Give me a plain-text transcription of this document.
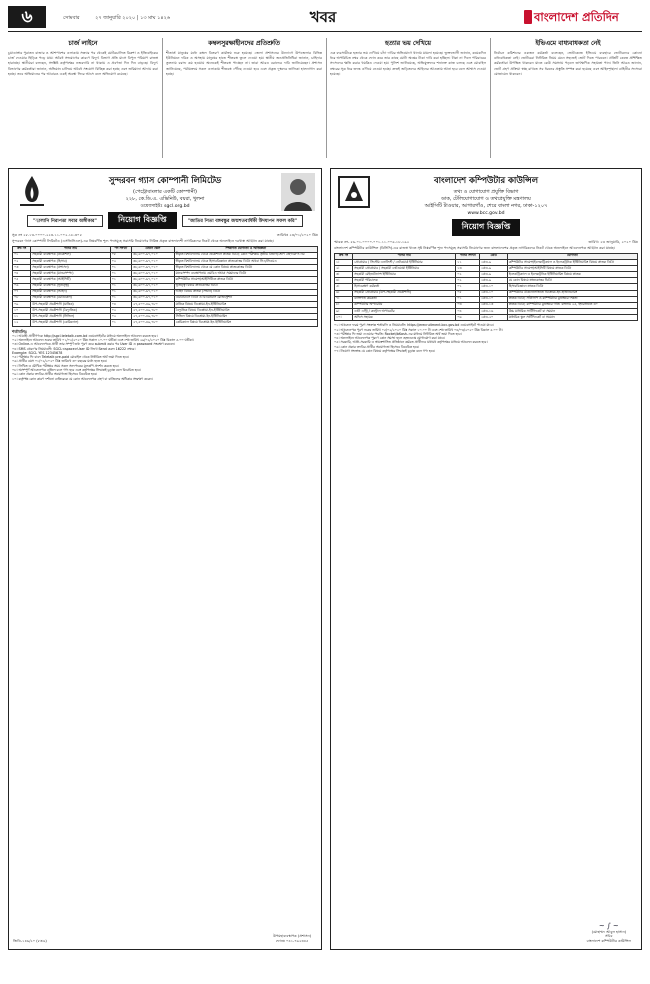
৬	সোমবার	২৭ জানুয়ারি ২০২০ | ১৩ মাঘ ১৪২৬	খবর	বাংলাদেশ প্রতিদিন
চার্জ লাইনে

চুয়াডাঙ্গার পুরাতন বাজার ও আশপাশের এলাকায় সন্ধ্যার পর থেকেই মোটরচালিত রিকশা ও ইজিবাইকের চার্জ দেওয়ার হিড়িক পড়ে যায়। অবৈধ সংযোগের কারণে বিদ্যুৎ বিভাগ প্রতি মাসে বিপুল পরিমাণ রাজস্ব হারাচ্ছে। স্থানীয়রা বলছেন, সংশ্লিষ্ট কর্তৃপক্ষের নজরদারি না থাকায় এ প্রবণতা দিন দিন বাড়ছে। বিদ্যুৎ বিভাগের কর্মকর্তারা জানান, অভিযান চালিয়ে অবৈধ সংযোগ বিচ্ছিন্ন করা হচ্ছে এবং জরিমানা আদায় করা হচ্ছে। তবে অভিযানের পর আবারও একই অবস্থা ফিরে আসে বলে অভিযোগ রয়েছে।

কম্বলসুরক্ষাহীনদের প্রতিশ্রুতি

শীতার্ত মানুষের মধ্যে কম্বল বিতরণ কার্যক্রম শুরু হয়েছে। জেলা প্রশাসনের উদ্যোগে উপজেলার বিভিন্ন ইউনিয়নে দরিদ্র ও অসহায় মানুষের হাতে শীতবস্ত্র তুলে দেওয়া হয়। স্থানীয় জনপ্রতিনিধিরা জানান, চাহিদার তুলনায় বরাদ্দ কম হওয়ায় অনেকেই শীতবস্ত্র পাচ্ছেন না। তারা আরও বরাদ্দের দাবি জানিয়েছেন। প্রশাসন জানিয়েছে, পর্যায়ক্রমে সকল এলাকায় শীতবস্ত্র পৌঁছে দেওয়া হবে এবং প্রকৃত দুস্থদের তালিকা হালনাগাদ করা হচ্ছে।

হত্যার ভয় দেখিয়ে

এক ব্যবসায়ীকে হত্যার ভয় দেখিয়ে চাঁদা দাবির অভিযোগে থানায় মামলা হয়েছে। ভুক্তভোগী জানান, কয়েকদিন ধরে অপরিচিত নম্বর থেকে ফোন করে তার কাছে মোটা অঙ্কের টাকা দাবি করা হচ্ছিল। টাকা না দিলে পরিবারের সদস্যদের ক্ষতি করার হুমকিও দেওয়া হয়। পুলিশ জানিয়েছে, অভিযুক্তদের শনাক্তে কাজ চলছে এবং মোবাইল নম্বরের সূত্র ধরে তদন্ত এগিয়ে নেওয়া হচ্ছে। দ্রুতই জড়িতদের আইনের আওতায় আনা হবে বলে আশ্বাস দেওয়া হয়েছে।

ইভিএমে বাধ্যবাধকতা নেই

নির্বাচন কমিশনের একজন কর্মকর্তা বলেছেন, ভোটকেন্দ্রে ইভিএম ব্যবহারে ভোটারদের কোনো বাধ্যবাধকতা নেই। ভোটাররা নির্ধারিত নিয়ম মেনে সহজেই ভোট দিতে পারবেন। প্রতিটি কেন্দ্রে প্রশিক্ষিত কর্মকর্তারা উপস্থিত থাকবেন যাতে কেউ সমস্যায় পড়লে তাৎক্ষণিক সহায়তা পান। তিনি আরও জানান, ভোট গ্রহণ প্রক্রিয়া স্বচ্ছ রাখতে সব ধরনের প্রস্তুতি সম্পন্ন করা হয়েছে এবং আইনশৃঙ্খলা বাহিনীর সদস্যরা মোতায়েন থাকবেন।

সুন্দরবন গ্যাস কোম্পানী লিমিটেড
(পেট্রোবাংলার একটি কোম্পানী)
২২৮, কে.ডি.এ. এভিনিউ, বয়রা, খুলনা
ওয়েবসাইটঃ sgcl.org.bd
"জ্বালানি নিরাপত্তা সবার অঙ্গীকার"	নিয়োগ বিজ্ঞপ্তি	"জাতির পিতা বঙ্গবন্ধুর জন্মশতবার্ষিকী উদযাপন সফল করি"
সূত্র নং ২৮.১৩.০০০০.২২৩.১১.০০২.১৮-৩০৫	তারিখঃ ২৩/০১/২০২০ খ্রিঃ
সুন্দরবন গ্যাস কোম্পানী লিমিটেড (এসজিসিএল)-এর নিম্নবর্ণিত শূন্য পদসমূহে সরাসরি নিয়োগের নিমিত্ত প্রকৃত বাংলাদেশী নাগরিকদের নিকট থেকে অনলাইনে দরখাস্ত আহ্বান করা যাচ্ছে।
ক্রঃ নং	পদের নাম	পদ সংখ্যা	বেতন স্কেল	শিক্ষাগত যোগ্যতা ও অভিজ্ঞতা
০১	সহকারী ব্যবস্থাপক (প্রকৌশল)	০৮	৩৮,৬০০-৬৭,০১০	স্বীকৃত বিশ্ববিদ্যালয় থেকে প্রকৌশলে স্নাতক ডিগ্রি; কোন পরীক্ষায় তৃতীয় বিভাগ/শ্রেণি গ্রহণযোগ্য নয়
০২	সহকারী ব্যবস্থাপক (হিসাব)	০২	৩৮,৬০০-৬৭,০১০	স্বীকৃত বিশ্ববিদ্যালয় থেকে হিসাববিজ্ঞানে স্নাতকোত্তর ডিগ্রি অথবা সিএ/সিএমএ
০৩	সহকারী ব্যবস্থাপক (প্রশাসন)	০১	৩৮,৬০০-৬৭,০১০	স্বীকৃত বিশ্ববিদ্যালয় থেকে যে কোন বিষয়ে স্নাতকোত্তর ডিগ্রি
০৪	সহকারী ব্যবস্থাপক (মানবসম্পদ)	০১	৩৮,৬০০-৬৭,০১০	মানবসম্পদ ব্যবস্থাপনায় এমবিএ অথবা সমমানের ডিগ্রি
০৫	সহকারী ব্যবস্থাপক (আইসিটি)	০১	৩৮,৬০০-৬৭,০১০	কম্পিউটার সায়েন্স/আইসিটিতে স্নাতক ডিগ্রি
০৬	সহকারী ব্যবস্থাপক (ভূতত্ত্ব)	০১	৩৮,৬০০-৬৭,০১০	ভূতত্ত্ব বিষয়ে স্নাতকোত্তর ডিগ্রি
০৭	সহকারী ব্যবস্থাপক (আইন)	০১	৩৮,৬০০-৬৭,০১০	আইন বিষয়ে স্নাতক (সম্মান) ডিগ্রি
০৮	সহকারী ব্যবস্থাপক (মেডিকেল)	০১	৩৮,৬০০-৬৭,০১০	এমবিবিএস ডিগ্রি ও বিএমডিসি রেজিস্ট্রেশন
০৯	উপ-সহকারী প্রকৌশলী (যান্ত্রিক)	০৪	২৭,৫০০-৪৯,৭৮০	যান্ত্রিক বিষয়ে ডিপ্লোমা-ইন-ইঞ্জিনিয়ারিং
১০	উপ-সহকারী প্রকৌশলী (বৈদ্যুতিক)	০২	২৭,৫০০-৪৯,৭৮০	বৈদ্যুতিক বিষয়ে ডিপ্লোমা-ইন-ইঞ্জিনিয়ারিং
১১	উপ-সহকারী প্রকৌশলী (সিভিল)	০২	২৭,৫০০-৪৯,৭৮০	সিভিল বিষয়ে ডিপ্লোমা-ইন-ইঞ্জিনিয়ারিং
১২	উপ-সহকারী প্রকৌশলী (কেমিক্যাল)	০১	২৭,৫০০-৪৯,৭৮০	কেমিক্যাল বিষয়ে ডিপ্লোমা-ইন-ইঞ্জিনিয়ারিং
শর্তাবলিঃ
০১। আগ্রহী প্রার্থীগণকে http://sgcl.teletalk.com.bd ওয়েবসাইটের মাধ্যমে অনলাইনে আবেদন করতে হবে।
০২। অনলাইনে আবেদন শুরুর তারিখ ০১/০২/২০২০ খ্রিঃ সকাল ১০.০০ ঘটিকা এবং শেষ তারিখ ২৯/০২/২০২০ খ্রিঃ বিকাল ৫.০০ ঘটিকা।
০৩। Online-এ আবেদনপত্রে প্রার্থী তার সম্পূর্ণ তথ্য পূরণ করে submit করার পর User ID ও password সংরক্ষণ করবেন।
০৪। SMS প্রেরণের নিয়মাবলী: SGCL<space>User ID লিখে Send করুন 16222 নম্বরে।
Example: SGCL YES 12345678
০৫। পরীক্ষার ফি বাবদ Teletalk pre-paid মোবাইল থেকে নির্ধারিত অর্থ জমা দিতে হবে।
০৬। প্রার্থীর বয়স ০১/০২/২০২০ খ্রিঃ তারিখে ৩০ বছরের মধ্যে হতে হবে।
০৭। লিখিত ও মৌখিক পরীক্ষার সময় সকল সনদপত্রের মূলকপি প্রদর্শন করতে হবে।
০৮। অসম্পূর্ণ আবেদনপত্র বাতিল বলে গণ্য হবে এবং কর্তৃপক্ষের সিদ্ধান্তই চূড়ান্ত বলে বিবেচিত হবে।
০৯। কোন প্রকার তদবির প্রার্থীর অযোগ্যতা হিসেবে বিবেচিত হবে।
১০। কর্তৃপক্ষ কোন কারণ দর্শানো ব্যতিরেকে যে কোন আবেদনপত্র গ্রহণ বা বাতিলের অধিকার সংরক্ষণ করেন।
জিডি-১৪৬/২০ (৮×৬)
উপমহাব্যবস্থাপক (প্রশাসন)
ফোনঃ ০৪১-৭৬২৩৪৫
বাংলাদেশ কম্পিউটার কাউন্সিল
তথ্য ও যোগাযোগ প্রযুক্তি বিভাগ
ডাক, টেলিযোগাযোগ ও তথ্যপ্রযুক্তি মন্ত্রণালয়
আইসিটি টাওয়ার, আগারগাঁও, শেরে বাংলা নগর, ঢাকা-১২০৭
www.bcc.gov.bd
নিয়োগ বিজ্ঞপ্তি
স্মারক নং- ৫৬.০১.০০০০.০০১.১১.০০৬.১৮-১৯২	তারিখ: ২৩ জানুয়ারি, ২০২০ খ্রিঃ
বাংলাদেশ কম্পিউটার কাউন্সিল (বিসিসি)-এর রাজস্ব খাতে সৃষ্ট নিম্নবর্ণিত শূন্য পদসমূহে সরাসরি নিয়োগের জন্য বাংলাদেশের প্রকৃত নাগরিকদের নিকট থেকে অনলাইনে আবেদনপত্র আহ্বান করা যাচ্ছে।
ক্রঃ নং	পদের নাম	পদের সংখ্যা	গ্রেড	যোগ্যতা
১।	প্রোগ্রামার / সিস্টেম এনালিস্ট / নেটওয়ার্ক ইঞ্জিনিয়ার	১১	গ্রেড-৯	কম্পিউটার সায়েন্স/ইলেকট্রিক্যাল ও ইলেকট্রনিক ইঞ্জিনিয়ারিং বিষয়ে স্নাতক ডিগ্রি
২।	সহকারী প্রোগ্রামার / সহকারী নেটওয়ার্ক ইঞ্জিনিয়ার	১৩	গ্রেড-৯	কম্পিউটার সায়েন্স/আইসিটি বিষয়ে স্নাতক ডিগ্রি
৩।	সহকারী মেইনটেন্যান্স ইঞ্জিনিয়ার	০২	গ্রেড-৯	ইলেকট্রিক্যাল ও ইলেকট্রনিক ইঞ্জিনিয়ারিং বিষয়ে স্নাতক
৪।	সহকারী পরিচালক	০২	গ্রেড-৯	যে কোন বিষয়ে স্নাতকোত্তর ডিগ্রি
৫।	হিসাবরক্ষণ কর্মকর্তা	০১	গ্রেড-১০	হিসাববিজ্ঞানে স্নাতক ডিগ্রি
৬।	সহকারী প্রোগ্রামার (উপ-সহকারী প্রকৌশলী)	০৫	গ্রেড-১০	কম্পিউটার টেকনোলজিতে ডিপ্লোমা-ইন-ইঞ্জিনিয়ারিং
৭।	ব্যক্তিগত কর্মকর্তা	০১	গ্রেড-১০	স্নাতক ডিগ্রি; সাঁটলিপি ও কম্পিউটার মুদ্রাক্ষরে দক্ষতা
৮।	কম্পিউটার অপারেটর	০৩	গ্রেড-১৩	স্নাতক ডিগ্রি; কম্পিউটার মুদ্রাক্ষরে গতি: বাংলায় ২৫, ইংরেজিতে ৩০
৯।	ডাটা এন্ট্রি / কন্ট্রোল অপারেটর	০৪	গ্রেড-১৬	উচ্চ মাধ্যমিক সার্টিফিকেট বা সমমান
১০।	অফিস সহায়ক	০৬	গ্রেড-২০	মাধ্যমিক স্কুল সার্টিফিকেট বা সমমান
০১। আবেদন ফরম পূরণ সংক্রান্ত শর্তাবলি ও নিয়মাবলি: https://erecruitment.bcc.gov.bd ওয়েবসাইটে পাওয়া যাবে।
০২। আবেদনপত্র পূরণ শুরুর তারিখ ০৫/০২/২০২০ খ্রিঃ সকাল ১০.০০ টা এবং শেষ তারিখ ০৪/০৩/২০২০ খ্রিঃ বিকাল ৫.০০ টা।
০৩। পরীক্ষার ফি জমা দেওয়ার পদ্ধতি: Rocket/bKash-এর মাধ্যমে নির্ধারিত অর্থ জমা দিতে হবে।
০৪। অনলাইনে আবেদনপত্র পূরণে কোন সমস্যা হলে হেল্পডেস্কে যোগাযোগ করা যাবে।
০৫। সরকারি, আধা-সরকারি ও স্বায়ত্তশাসিত প্রতিষ্ঠানে কর্মরত প্রার্থীদের যথাযথ কর্তৃপক্ষের মাধ্যমে আবেদন করতে হবে।
০৬। কোন প্রকার তদবির প্রার্থীর অযোগ্যতা হিসেবে বিবেচিত হবে।
০৭। নিয়োগ সংক্রান্ত যে কোন বিষয়ে কর্তৃপক্ষের সিদ্ধান্তই চূড়ান্ত বলে গণ্য হবে।
~ ∫ ~
(মোহাম্মদ আবুল হাসান)
সচিব
বাংলাদেশ কম্পিউটার কাউন্সিল
